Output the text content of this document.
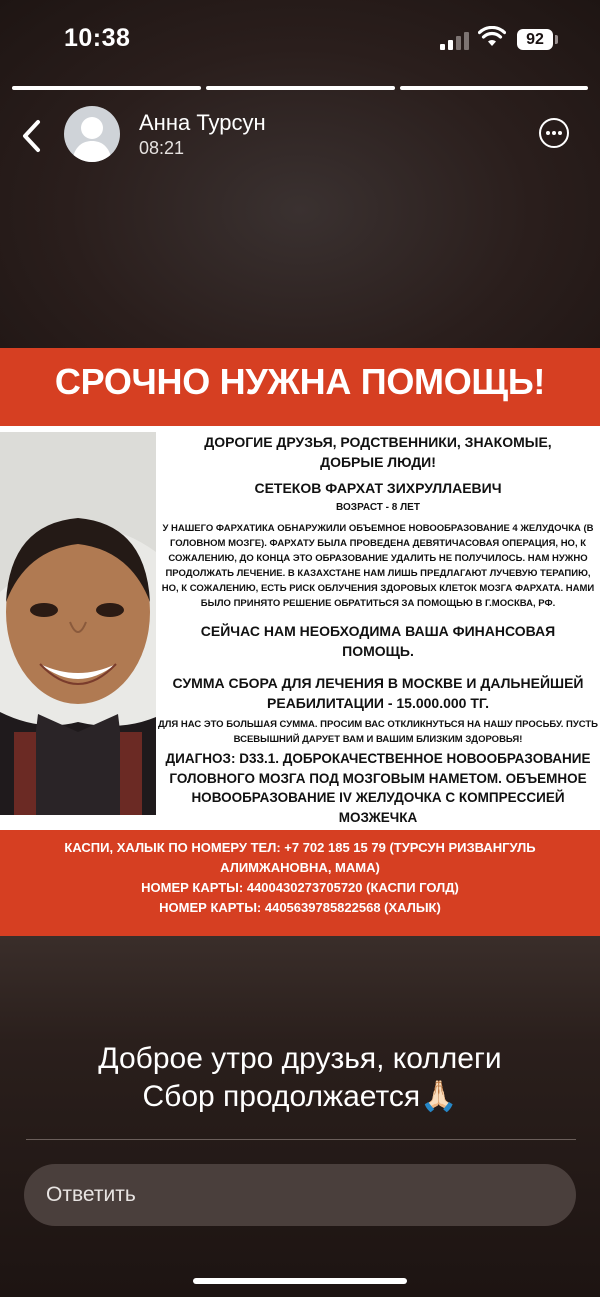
10:38	92
Анна Турсун
08:21
СРОЧНО НУЖНА ПОМОЩЬ!

ДОРОГИЕ ДРУЗЬЯ, РОДСТВЕННИКИ, ЗНАКОМЫЕ, ДОБРЫЕ ЛЮДИ!

СЕТЕКОВ ФАРХАТ ЗИХРУЛЛАЕВИЧ

ВОЗРАСТ - 8 ЛЕТ

У НАШЕГО ФАРХАТИКА ОБНАРУЖИЛИ ОБЪЕМНОЕ НОВООБРАЗОВАНИЕ 4 ЖЕЛУДОЧКА (В ГОЛОВНОМ МОЗГЕ). ФАРХАТУ БЫЛА ПРОВЕДЕНА ДЕВЯТИЧАСОВАЯ ОПЕРАЦИЯ, НО, К СОЖАЛЕНИЮ, ДО КОНЦА ЭТО ОБРАЗОВАНИЕ УДАЛИТЬ НЕ ПОЛУЧИЛОСЬ. НАМ НУЖНО ПРОДОЛЖАТЬ ЛЕЧЕНИЕ. В КАЗАХСТАНЕ НАМ ЛИШЬ ПРЕДЛАГАЮТ ЛУЧЕВУЮ ТЕРАПИЮ, НО, К СОЖАЛЕНИЮ, ЕСТЬ РИСК ОБЛУЧЕНИЯ ЗДОРОВЫХ КЛЕТОК МОЗГА ФАРХАТА. НАМИ БЫЛО ПРИНЯТО РЕШЕНИЕ ОБРАТИТЬСЯ ЗА ПОМОЩЬЮ В Г.МОСКВА, РФ.

СЕЙЧАС НАМ НЕОБХОДИМА ВАША ФИНАНСОВАЯ ПОМОЩЬ.

СУММА СБОРА ДЛЯ ЛЕЧЕНИЯ В МОСКВЕ И ДАЛЬНЕЙШЕЙ РЕАБИЛИТАЦИИ - 15.000.000 ТГ.

ДЛЯ НАС ЭТО БОЛЬШАЯ СУММА. ПРОСИМ ВАС ОТКЛИКНУТЬСЯ НА НАШУ ПРОСЬБУ. ПУСТЬ ВСЕВЫШНИЙ ДАРУЕТ ВАМ И ВАШИМ БЛИЗКИМ ЗДОРОВЬЯ!

ДИАГНОЗ: D33.1. ДОБРОКАЧЕСТВЕННОЕ НОВООБРАЗОВАНИЕ ГОЛОВНОГО МОЗГА ПОД МОЗГОВЫМ НАМЕТОМ. ОБЪЕМНОЕ НОВООБРАЗОВАНИЕ IV ЖЕЛУДОЧКА С КОМПРЕССИЕЙ МОЗЖЕЧКА

КАСПИ, ХАЛЫК ПО НОМЕРУ ТЕЛ: +7 702 185 15 79 (ТУРСУН РИЗВАНГУЛЬ АЛИМЖАНОВНА, МАМА)
НОМЕР КАРТЫ: 4400430273705720 (КАСПИ ГОЛД)
НОМЕР КАРТЫ: 4405639785822568 (ХАЛЫК)
Доброе утро друзья, коллеги
Сбор продолжается🙏🏻
Ответить
